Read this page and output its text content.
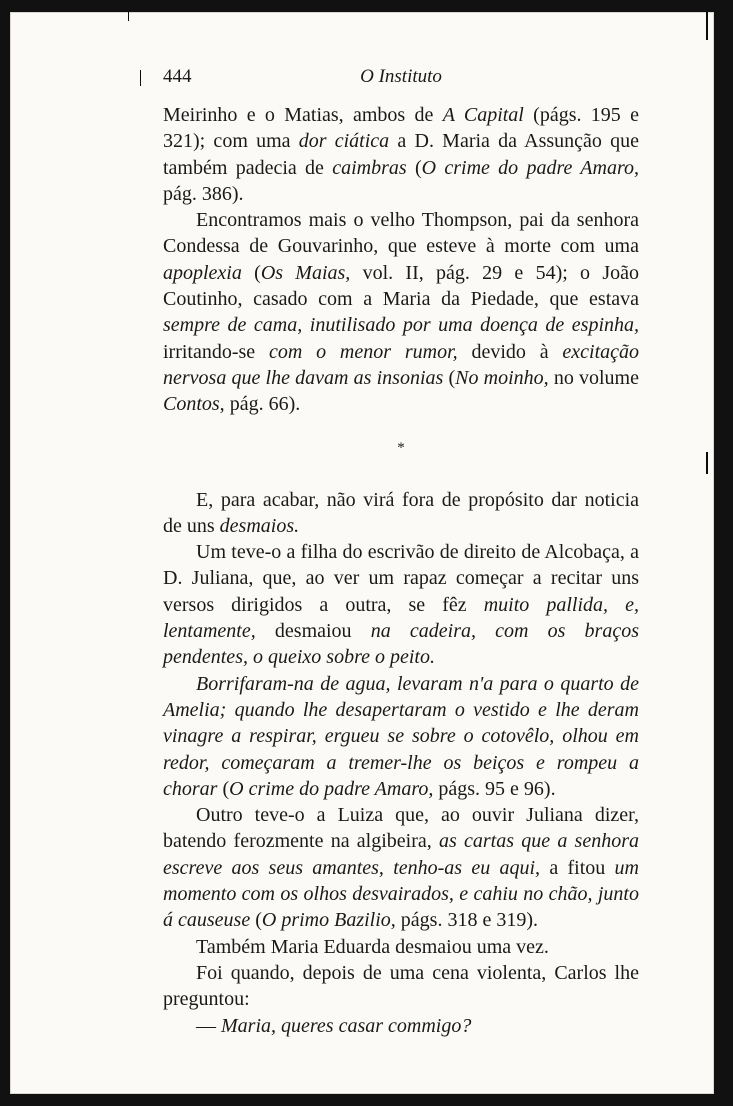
444	O Instituto

Meirinho e o Matias, ambos de A Capital (págs. 195 e 321); com uma dor ciática a D. Maria da Assunção que também padecia de caimbras (O crime do padre Amaro, pág. 386).

Encontramos mais o velho Thompson, pai da senhora Condessa de Gouvarinho, que esteve à morte com uma apoplexia (Os Maias, vol. II, pág. 29 e 54); o João Coutinho, casado com a Maria da Piedade, que estava sempre de cama, inutilisado por uma doença de espinha, irritando-se com o menor rumor, devido à excitação nervosa que lhe davam as insonias (No moinho, no volume Contos, pág. 66).

*

E, para acabar, não virá fora de propósito dar noticia de uns desmaios.

Um teve-o a filha do escrivão de direito de Alcobaça, a D. Juliana, que, ao ver um rapaz começar a recitar uns versos dirigidos a outra, se fêz muito pallida, e, lentamente, desmaiou na cadeira, com os braços pendentes, o queixo sobre o peito.

Borrifaram-na de agua, levaram n'a para o quarto de Amelia; quando lhe desapertaram o vestido e lhe deram vinagre a respirar, ergueu se sobre o cotovêlo, olhou em redor, começaram a tremer-lhe os beiços e rompeu a chorar (O crime do padre Amaro, págs. 95 e 96).

Outro teve-o a Luiza que, ao ouvir Juliana dizer, batendo ferozmente na algibeira, as cartas que a senhora escreve aos seus amantes, tenho-as eu aqui, a fitou um momento com os olhos desvairados, e cahiu no chão, junto á causeuse (O primo Bazilio, págs. 318 e 319).

Também Maria Eduarda desmaiou uma vez.

Foi quando, depois de uma cena violenta, Carlos lhe preguntou:

— Maria, queres casar commigo?
